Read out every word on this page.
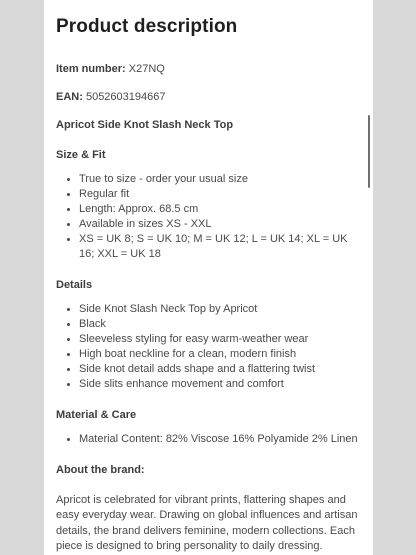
Product description
Item number: X27NQ
EAN: 5052603194667
Apricot Side Knot Slash Neck Top
Size & Fit
• True to size - order your usual size
• Regular fit
• Length: Approx. 68.5 cm
• Available in sizes XS - XXL
• XS = UK 8; S = UK 10; M = UK 12; L = UK 14; XL = UK 16; XXL = UK 18
Details
• Side Knot Slash Neck Top by Apricot
• Black
• Sleeveless styling for easy warm-weather wear
• High boat neckline for a clean, modern finish
• Side knot detail adds shape and a flattering twist
• Side slits enhance movement and comfort
Material & Care
• Material Content: 82% Viscose 16% Polyamide 2% Linen
About the brand:
Apricot is celebrated for vibrant prints, flattering shapes and easy everyday wear. Drawing on global influences and artisan details, the brand delivers feminine, modern collections. Each piece is designed to bring personality to daily dressing.
